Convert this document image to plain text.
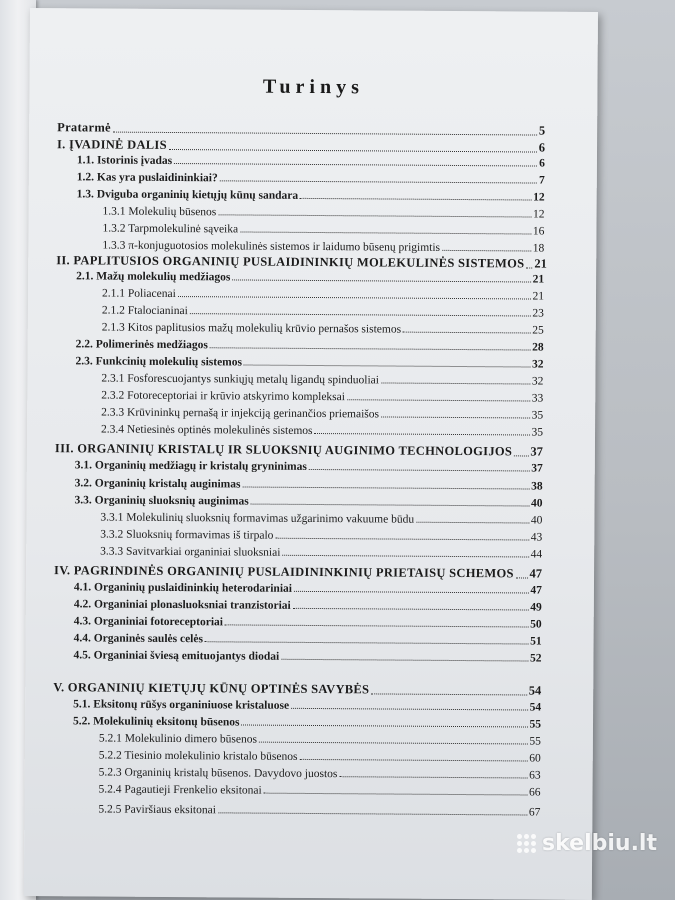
Turinys
Pratarmė	5
I. ĮVADINĖ DALIS	6
1.1. Istorinis įvadas	6
1.2. Kas yra puslaidininkiai?	7
1.3. Dviguba organinių kietųjų kūnų sandara	12
1.3.1 Molekulių būsenos	12
1.3.2 Tarpmolekulinė sąveika	16
1.3.3 π-konjuguotosios molekulinės sistemos ir laidumo būsenų prigimtis	18
II. PAPLITUSIOS ORGANINIŲ PUSLAIDININKIŲ MOLEKULINĖS SISTEMOS 21
2.1. Mažų molekulių medžiagos	21
2.1.1 Poliacenai	21
2.1.2 Ftalocianinai	23
2.1.3 Kitos paplitusios mažų molekulių krūvio pernašos sistemos	25
2.2. Polimerinės medžiagos	28
2.3. Funkcinių molekulių sistemos	32
2.3.1 Fosforescuojantys sunkiųjų metalų ligandų spinduoliai	32
2.3.2 Fotoreceptoriai ir krūvio atskyrimo kompleksai	33
2.3.3 Krūvininkų pernašą ir injekciją gerinančios priemaišos	35
2.3.4 Netiesinės optinės molekulinės sistemos	35
III. ORGANINIŲ KRISTALŲ IR SLUOKSNIŲ AUGINIMO TECHNOLOGIJOS 37
3.1. Organinių medžiagų ir kristalų gryninimas	37
3.2. Organinių kristalų auginimas	38
3.3. Organinių sluoksnių auginimas	40
3.3.1 Molekulinių sluoksnių formavimas užgarinimo vakuume būdu	40
3.3.2 Sluoksnių formavimas iš tirpalo	43
3.3.3 Savitvarkiai organiniai sluoksniai	44
IV. PAGRINDINĖS ORGANINIŲ PUSLAIDININKINIŲ PRIETAISŲ SCHEMOS 47
4.1. Organinių puslaidininkių heterodariniai	47
4.2. Organiniai plonasluoksniai tranzistoriai	49
4.3. Organiniai fotoreceptoriai	50
4.4. Organinės saulės celės	51
4.5. Organiniai šviesą emituojantys diodai	52
V. ORGANINIŲ KIETŲJŲ KŪNŲ OPTINĖS SAVYBĖS	54
5.1. Eksitonų rūšys organiniuose kristaluose	54
5.2. Molekulinių eksitonų būsenos	55
5.2.1 Molekulinio dimero būsenos	55
5.2.2 Tiesinio molekulinio kristalo būsenos	60
5.2.3 Organinių kristalų būsenos. Davydovo juostos	63
5.2.4 Pagautieji Frenkelio eksitonai	66
5.2.5 Paviršiaus eksitonai	67
skelbiu.lt
